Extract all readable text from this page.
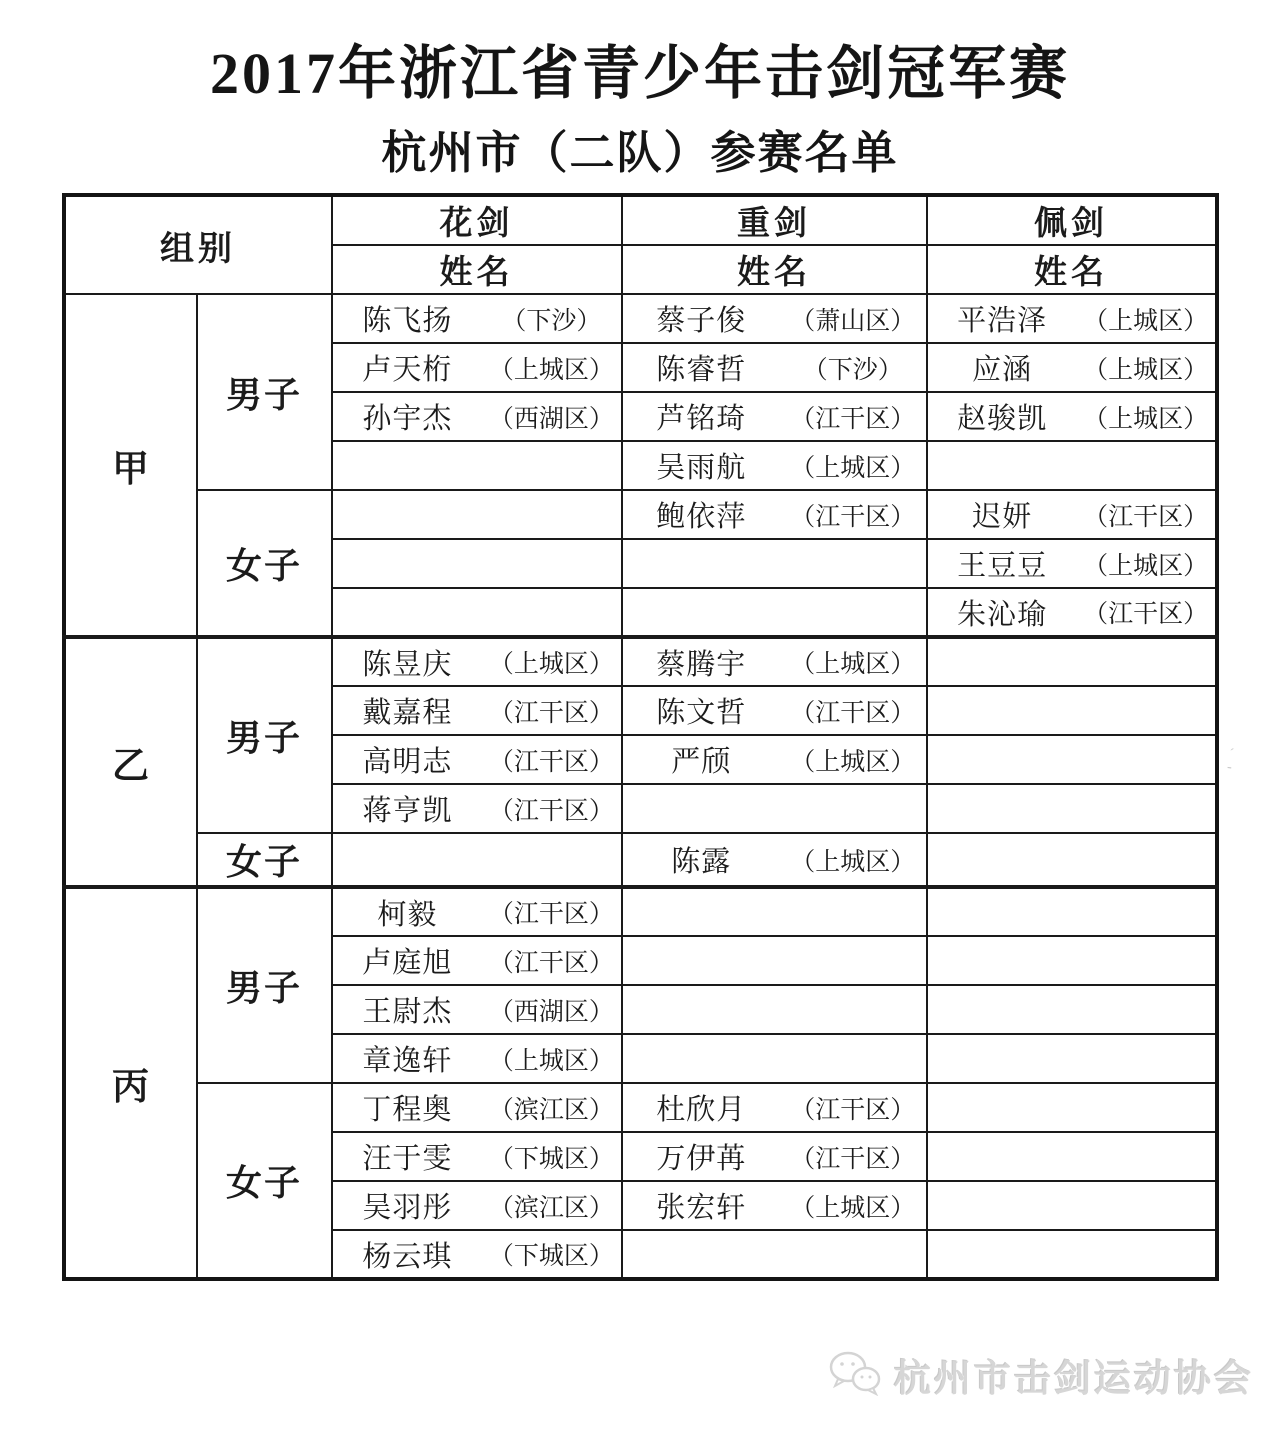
2017年浙江省青少年击剑冠军赛
杭州市（二队）参赛名单
组别		花剑	重剑	佩剑
		姓名	姓名	姓名
甲	男子	陈飞扬 （下沙）	蔡子俊 （萧山区）	平浩泽 （上城区）

		卢天桁 （上城区）	陈睿哲 （下沙）	应涵 （上城区）

		孙宇杰 （西湖区）	芦铭琦 （江干区）	赵骏凯 （上城区）

			吴雨航 （上城区）	

	女子		鲍依萍 （江干区）	迟妍 （江干区）

				王豆豆 （上城区）

				朱沁瑜 （江干区）

乙	男子	陈昱庆 （上城区）	蔡腾宇 （上城区）	

		戴嘉程 （江干区）	陈文哲 （江干区）	

		高明志 （江干区）	严颀 （上城区）	

		蒋亨凯 （江干区）		

	女子		陈露 （上城区）	

丙	男子	柯毅 （江干区）		

		卢庭旭 （江干区）		

		王尉杰 （西湖区）		

		章逸轩 （上城区）		

	女子	丁程奥 （滨江区）	杜欣月 （江干区）	

		汪于雯 （下城区）	万伊苒 （江干区）	

		吴羽彤 （滨江区）	张宏轩 （上城区）	

		杨云琪 （下城区）		

ˊ
-
杭州市击剑运动协会
